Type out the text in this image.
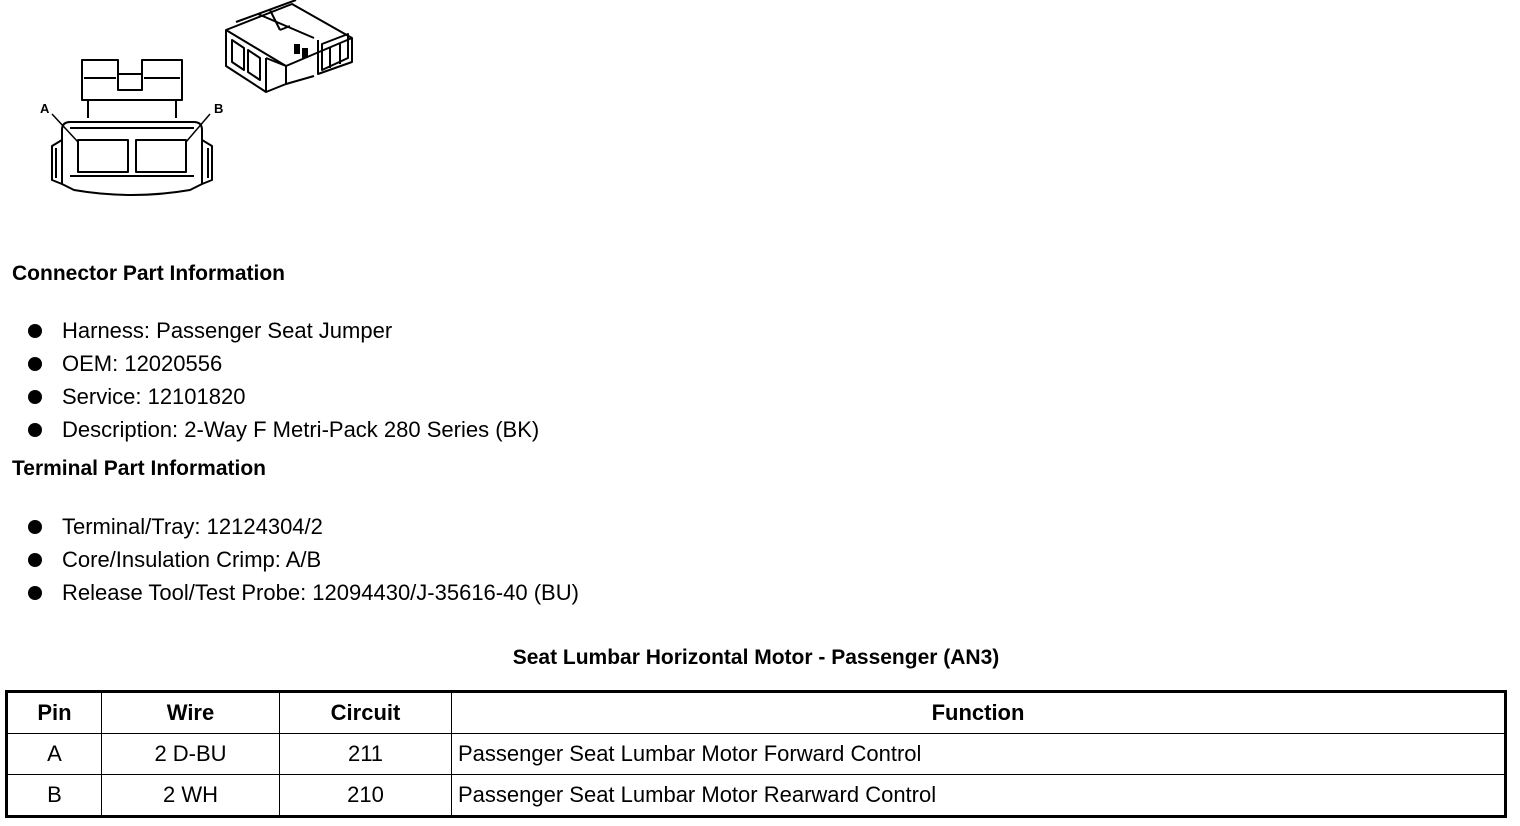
A	B
Connector Part Information
Harness: Passenger Seat Jumper
OEM: 12020556
Service: 12101820
Description: 2-Way F Metri-Pack 280 Series (BK)
Terminal Part Information
Terminal/Tray: 12124304/2
Core/Insulation Crimp: A/B
Release Tool/Test Probe: 12094430/J-35616-40 (BU)
Seat Lumbar Horizontal Motor - Passenger (AN3)
Pin	Wire	Circuit	Function
A	2 D-BU	211	Passenger Seat Lumbar Motor Forward Control
B	2 WH	210	Passenger Seat Lumbar Motor Rearward Control
